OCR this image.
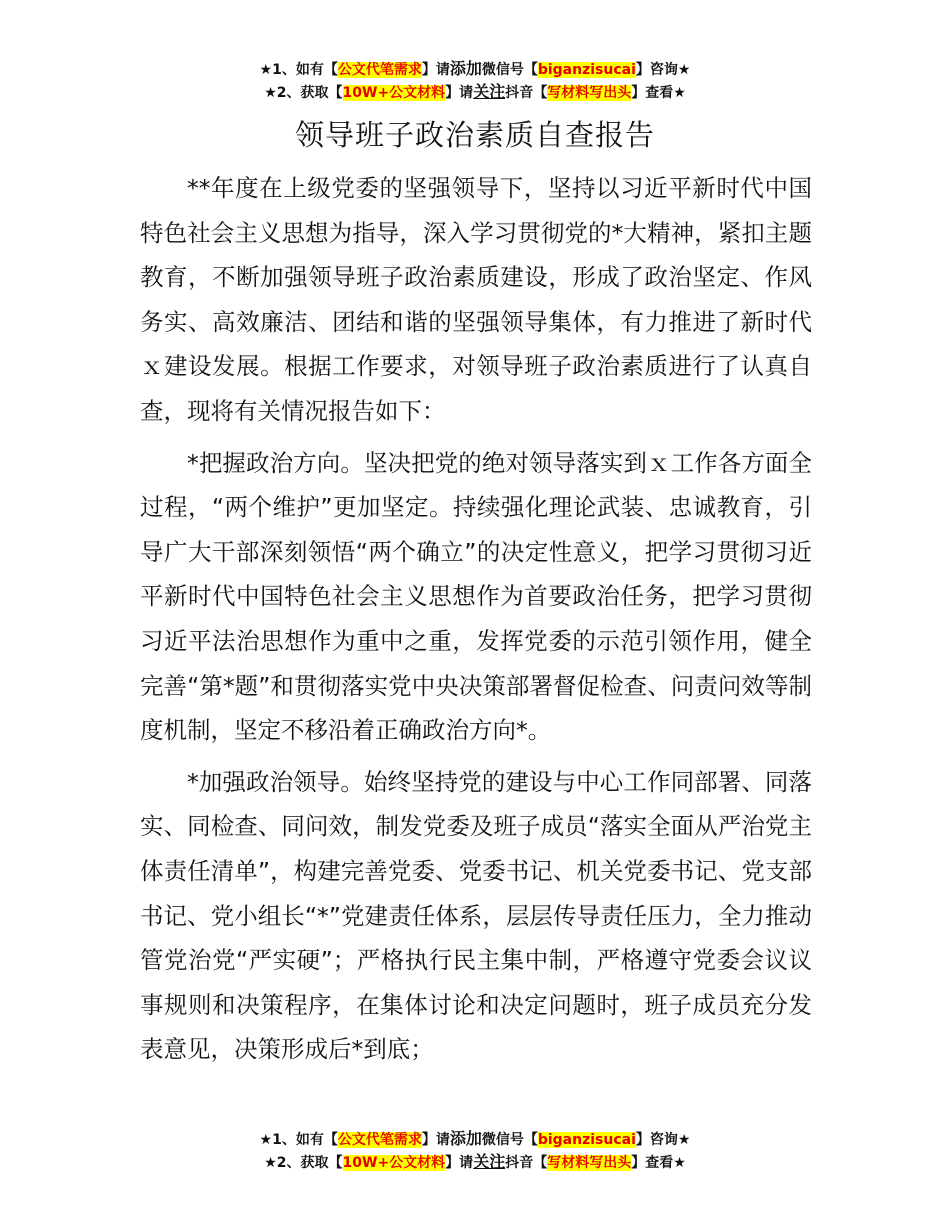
★1、如有【公文代笔需求】请添加微信号【biganzisucai】咨询★
★2、获取【10W+公文材料】请关注抖音【写材料写出头】查看★
领导班子政治素质自查报告

**年度在上级党委的坚强领导下，坚持以习近平新时代中国特色社会主义思想为指导，深入学习贯彻党的*大精神，紧扣主题教育，不断加强领导班子政治素质建设，形成了政治坚定、作风务实、高效廉洁、团结和谐的坚强领导集体，有力推进了新时代ｘ建设发展。根据工作要求，对领导班子政治素质进行了认真自查，现将有关情况报告如下：

*把握政治方向。坚决把党的绝对领导落实到ｘ工作各方面全过程，“两个维护”更加坚定。持续强化理论武装、忠诚教育，引导广大干部深刻领悟“两个确立”的决定性意义，把学习贯彻习近平新时代中国特色社会主义思想作为首要政治任务，把学习贯彻习近平法治思想作为重中之重，发挥党委的示范引领作用，健全完善“第*题”和贯彻落实党中央决策部署督促检查、问责问效等制度机制，坚定不移沿着正确政治方向*。

*加强政治领导。始终坚持党的建设与中心工作同部署、同落实、同检查、同问效，制发党委及班子成员“落实全面从严治党主体责任清单”，构建完善党委、党委书记、机关党委书记、党支部书记、党小组长“*”党建责任体系，层层传导责任压力，全力推动管党治党“严实硬”；严格执行民主集中制，严格遵守党委会议议事规则和决策程序，在集体讨论和决定问题时，班子成员充分发表意见，决策形成后*到底；

★1、如有【公文代笔需求】请添加微信号【biganzisucai】咨询★
★2、获取【10W+公文材料】请关注抖音【写材料写出头】查看★
